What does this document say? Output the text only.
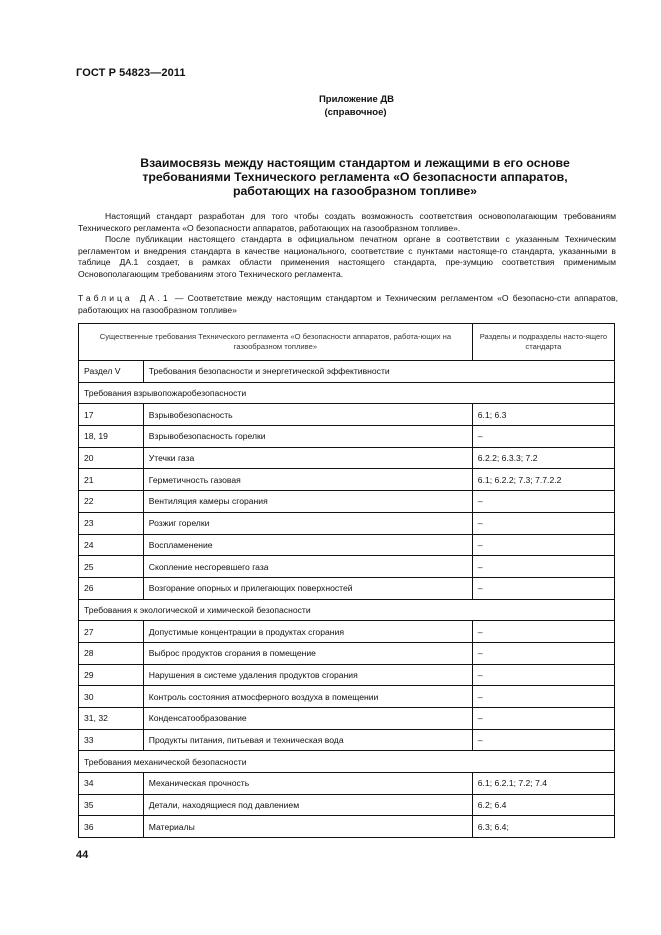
ГОСТ Р 54823—2011
Приложение ДВ
(справочное)
Взаимосвязь между настоящим стандартом и лежащими в его основе
требованиями Технического регламента «О безопасности аппаратов,
работающих на газообразном топливе»

Настоящий стандарт разработан для того чтобы создать возможность соответствия основополагающим требованиям Технического регламента «О безопасности аппаратов, работающих на газообразном топливе».

После публикации настоящего стандарта в официальном печатном органе в соответствии с указанным Техническим регламентом и внедрения стандарта в качестве национального, соответствие с пунктами настояще-го стандарта, указанными в таблице ДА.1 создает, в рамках области применения настоящего стандарта, пре-зумцию соответствия применимым Основополагающим требованиям этого Технического регламента.

Таблица ДА.1 — Соответствие между настоящим стандартом и Техническим регламентом «О безопасно-сти аппаратов, работающих на газообразном топливе»
Существенные требования Технического регламента «О безопасности аппаратов, работа-ющих на газообразном топливе»		Разделы и подразделы насто-ящего стандарта
Раздел V	Требования безопасности и энергетической эффективности	
Требования взрывопожаробезопасности		
17	Взрывобезопасность	6.1; 6.3
18, 19	Взрывобезопасность горелки	–
20	Утечки газа	6.2.2; 6.3.3; 7.2
21	Герметичность газовая	6.1; 6.2.2; 7.3; 7.7.2.2
22	Вентиляция камеры сгорания	–
23	Розжиг горелки	–
24	Воспламенение	–
25	Скопление несгоревшего газа	–
26	Возгорание опорных и прилегающих поверхностей	–
Требования к экологической и химической безопасности		
27	Допустимые концентрации в продуктах сгорания	–
28	Выброс продуктов сгорания в помещение	–
29	Нарушения в системе удаления продуктов сгорания	–
30	Контроль состояния атмосферного воздуха в помещении	–
31, 32	Конденсатообразование	–
33	Продукты питания, питьевая и техническая вода	–
Требования механической безопасности		
34	Механическая прочность	6.1; 6.2.1; 7.2; 7.4
35	Детали, находящиеся под давлением	6.2; 6.4
36	Материалы	6.3; 6.4;
44
